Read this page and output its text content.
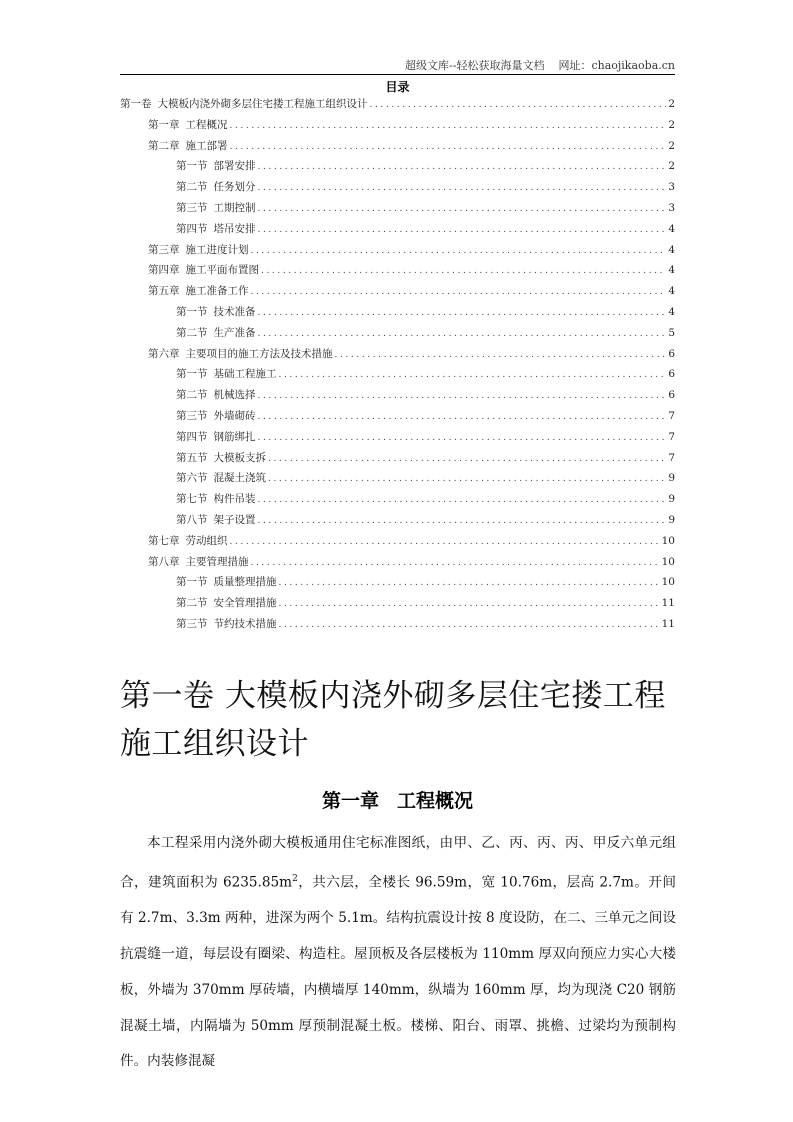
超级文库--轻松获取海量文档 网址：chaojikaoba.cn
目录
第一卷 大模板内浇外砌多层住宅搂工程施工组织设计 .....	2
第一章 工程概况 .....	2
第二章 施工部署 .....	2
第一节 部署安排 .....	2
第二节 任务划分 .....	3
第三节 工期控制 .....	3
第四节 塔吊安排 .....	4
第三章 施工进度计划 .....	4
第四章 施工平面布置图 .....	4
第五章 施工准备工作 .....	4
第一节 技术准备 .....	4
第二节 生产准备 .....	5
第六章 主要项目的施工方法及技术措施 .....	6
第一节 基础工程施工 .....	6
第二节 机械选择 .....	6
第三节 外墙砌砖 .....	7
第四节 钢筋绑扎 .....	7
第五节 大模板支拆 .....	7
第六节 混凝土浇筑 .....	9
第七节 构件吊装 .....	9
第八节 架子设置 .....	9
第七章 劳动组织 .....	10
第八章 主要管理措施 .....	10
第一节 质量整理措施 .....	10
第二节 安全管理措施 .....	11
第三节 节约技术措施 .....	11
第一卷 大模板内浇外砌多层住宅搂工程施工组织设计
第一章 工程概况
本工程采用内浇外砌大模板通用住宅标准图纸，由甲、乙、丙、丙、丙、甲反六单元组合，建筑面积为 $6235.85m^2$，共六层，全楼长 96.59m，宽 10.76m，层高 2.7m。开间有 2.7m、3.3m 两种，进深为两个 5.1m。结构抗震设计按 8 度设防，在二、三单元之间设抗震缝一道，每层设有圈梁、构造柱。屋顶板及各层楼板为 110mm 厚双向预应力实心大楼板，外墙为 370mm 厚砖墙，内横墙厚 140mm，纵墙为 160mm 厚，均为现浇 C20 钢筋混凝土墙，内隔墙为 50mm 厚预制混凝土板。楼梯、阳台、雨罩、挑檐、过梁均为预制构件。内装修混凝
